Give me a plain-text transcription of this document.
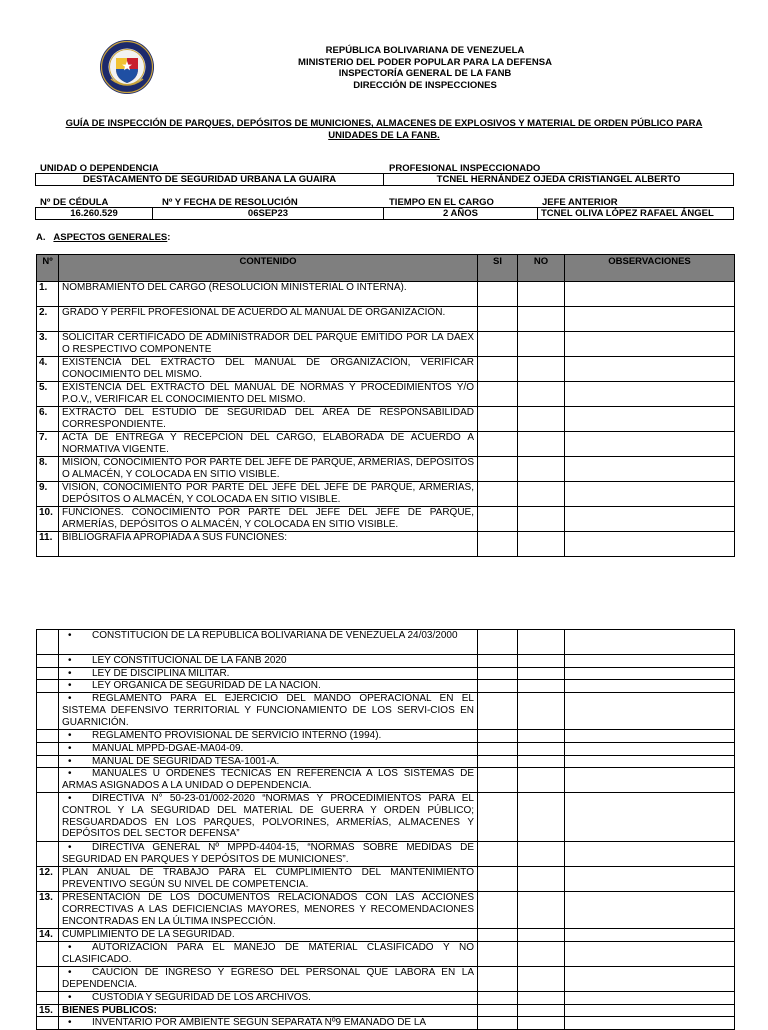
REPÚBLICA BOLIVARIANA DE VENEZUELA
MINISTERIO DEL PODER POPULAR PARA LA DEFENSA
INSPECTORÍA GENERAL DE LA FANB
DIRECCIÓN DE INSPECCIONES
GUÍA DE INSPECCIÓN DE PARQUES, DEPÓSITOS DE MUNICIONES, ALMACENES DE EXPLOSIVOS Y MATERIAL DE ORDEN PÚBLICO PARA UNIDADES DE LA FANB.
UNIDAD O DEPENDENCIA	PROFESIONAL INSPECCIONADO
DESTACAMENTO DE SEGURIDAD URBANA LA GUAIRA	TCNEL HERNÁNDEZ OJEDA CRISTIANGEL ALBERTO
Nº DE CÉDULA	Nº Y FECHA DE RESOLUCIÓN	TIEMPO EN EL CARGO	JEFE ANTERIOR
16.260.529	06SEP23	2 AÑOS	TCNEL OLIVA LÓPEZ RAFAEL ÁNGEL
A. ASPECTOS GENERALES:
Nº	CONTENIDO	SI	NO	OBSERVACIONES
1.	NOMBRAMIENTO DEL CARGO (RESOLUCIÓN MINISTERIAL O INTERNA).			
2.	GRADO Y PERFIL PROFESIONAL DE ACUERDO AL MANUAL DE ORGANIZACIÓN.			
3.	SOLICITAR CERTIFICADO DE ADMINISTRADOR DEL PARQUE EMITIDO POR LA DAEX O RESPECTIVO COMPONENTE			
4.	EXISTENCIA DEL EXTRACTO DEL MANUAL DE ORGANIZACIÓN, VERIFICAR CONOCIMIENTO DEL MISMO.			
5.	EXISTENCIA DEL EXTRACTO DEL MANUAL DE NORMAS Y PROCEDIMIENTOS Y/O P.O.V,, VERIFICAR EL CONOCIMIENTO DEL MISMO.			
6.	EXTRACTO DEL ESTUDIO DE SEGURIDAD DEL ÁREA DE RESPONSABILIDAD CORRESPONDIENTE.			
7.	ACTA DE ENTREGA Y RECEPCIÓN DEL CARGO, ELABORADA DE ACUERDO A NORMATIVA VIGENTE.			
8.	MISIÓN, CONOCIMIENTO POR PARTE DEL JEFE DE PARQUE, ARMERÍAS, DEPÓSITOS O ALMACÉN, Y COLOCADA EN SITIO VISIBLE.			
9.	VISIÓN, CONOCIMIENTO POR PARTE DEL JEFE DEL JEFE DE PARQUE, ARMERÍAS, DEPÓSITOS O ALMACÉN, Y COLOCADA EN SITIO VISIBLE.			
10.	FUNCIONES. CONOCIMIENTO POR PARTE DEL JEFE DEL JEFE DE PARQUE, ARMERÍAS, DEPÓSITOS O ALMACÉN, Y COLOCADA EN SITIO VISIBLE.			
11.	BIBLIOGRAFÍA APROPIADA A SUS FUNCIONES:			

	• CONSTITUCIÓN DE LA REPÚBLICA BOLIVARIANA DE VENEZUELA 24/03/2000			

	• LEY CONSTITUCIONAL DE LA FANB 2020			

	• LEY DE DISCIPLINA MILITAR.			

	• LEY ORGÁNICA DE SEGURIDAD DE LA NACIÓN.			

	• REGLAMENTO PARA EL EJERCICIO DEL MANDO OPERACIONAL EN EL SISTEMA DEFENSIVO TERRITORIAL Y FUNCIONAMIENTO DE LOS SERVI-CIOS EN GUARNICIÓN.			

	• REGLAMENTO PROVISIONAL DE SERVICIO INTERNO (1994).			

	• MANUAL MPPD-DGAE-MA04-09.			

	• MANUAL DE SEGURIDAD TESA-1001-A.			

	• MANUALES U ÓRDENES TÉCNICAS EN REFERENCIA A LOS SISTEMAS DE ARMAS ASIGNADOS A LA UNIDAD O DEPENDENCIA.			

	• DIRECTIVA N° 50-23-01/002-2020 “NORMAS Y PROCEDIMIENTOS PARA EL CONTROL Y LA SEGURIDAD DEL MATERIAL DE GUERRA Y ORDEN PÚBLICO; RESGUARDADOS EN LOS PARQUES, POLVORINES, ARMERÍAS, ALMACENES Y DEPÓSITOS DEL SECTOR DEFENSA”			

	• DIRECTIVA GENERAL Nº MPPD-4404-15, “NORMAS SOBRE MEDIDAS DE SEGURIDAD EN PARQUES Y DEPÓSITOS DE MUNICIONES”.			

12.	PLAN ANUAL DE TRABAJO PARA EL CUMPLIMIENTO DEL MANTENIMIENTO PREVENTIVO SEGÚN SU NIVEL DE COMPETENCIA.			
13.	PRESENTACIÓN DE LOS DOCUMENTOS RELACIONADOS CON LAS ACCIONES CORRECTIVAS A LAS DEFICIENCIAS MAYORES, MENORES Y RECOMENDACIONES ENCONTRADAS EN LA ÚLTIMA INSPECCIÓN.			
14.	CUMPLIMIENTO DE LA SEGURIDAD.			

	• AUTORIZACIÓN PARA EL MANEJO DE MATERIAL CLASIFICADO Y NO CLASIFICADO.			

	• CAUCIÓN DE INGRESO Y EGRESO DEL PERSONAL QUE LABORA EN LA DEPENDENCIA.			

	• CUSTODIA Y SEGURIDAD DE LOS ARCHIVOS.			

15.	BIENES PÚBLICOS:			

	• INVENTARIO POR AMBIENTE SEGÚN SEPARATA Nº9 EMANADO DE LA			
